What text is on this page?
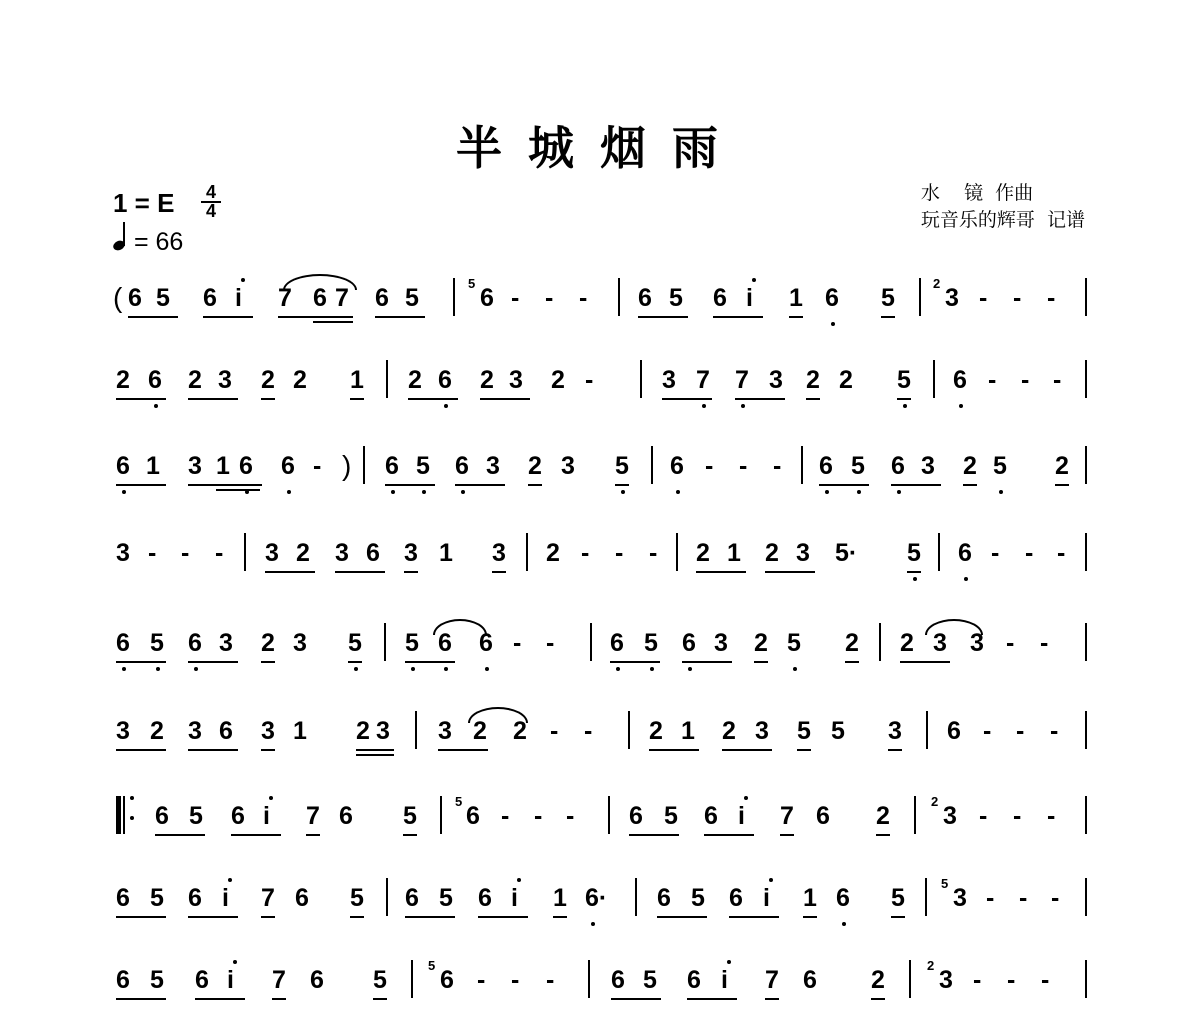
半城烟雨
水    镜  作曲
玩音乐的辉哥  记谱
1 = E 4
4
= 66
( 6 5 6 i 7 6 7 6 5
5
6 - - - 6 5 6 i 1 6 5
2
3 - - -
2 6 2 3 2 2 1 2 6 2 3 2 -	3 7 7 3 2 2 5 6 - - -
6 1 3 1 6 6 - ) 6 5 6 3 2 3 5 6 - - - 6 5 6 3 2 5 2
3 - - - 3 2 3 6 3 1 3 2 - - - 2 1 2 3 5· 5 6 - - -
6 5 6 3 2 3 5 5 6 6 - - 6 5 6 3 2 5 2 2 3 3 - -
3 2 3 6 3 1 2 3 3 2 2 - - 2 1 2 3 5 5 3 6 - - -
6 5 6 i 7 6 5
5
6 - - - 6 5 6 i 7 6 2
2
3 - - -
6 5 6 i 7 6 5 6 5 6 i 1 6· 6 5 6 i 1 6 5
5
3 - - -
6 5 6 i 7 6 5
5
6 - - - 6 5 6 i 7 6 2
2
3 - - -
